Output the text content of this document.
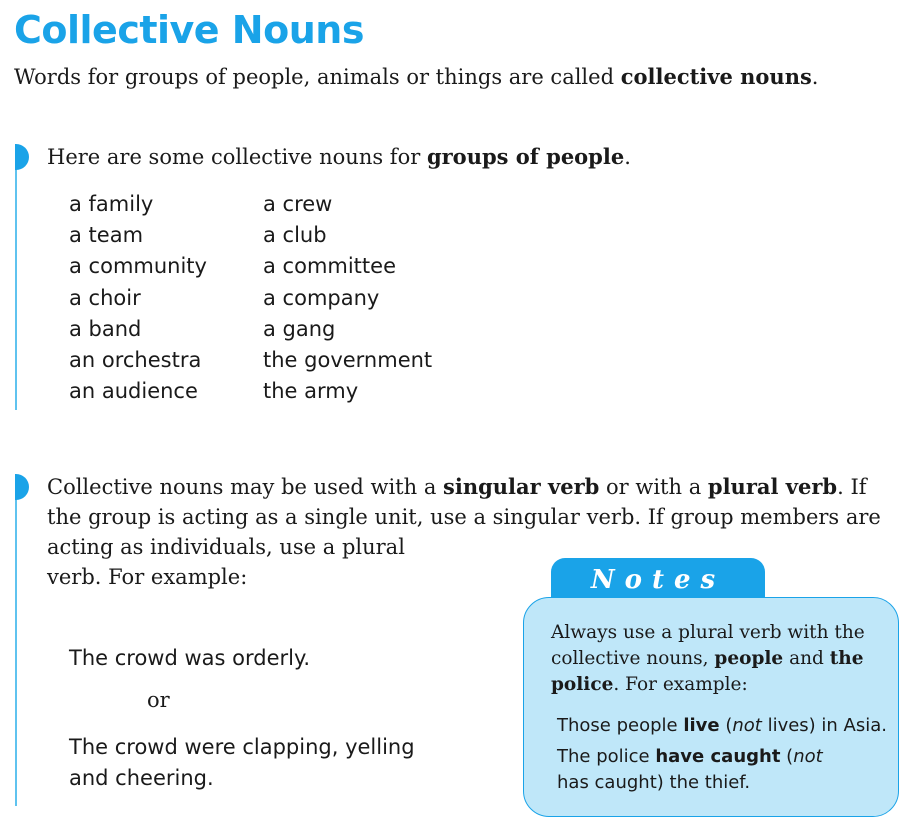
Collective Nouns
Words for groups of people, animals or things are called collective nouns.
Here are some collective nouns for groups of people.
a family
a team
a community
a choir
a band
an orchestra
an audience
a crew
a club
a committee
a company
a gang
the government
the army
Collective nouns may be used with a singular verb or with a plural verb. If
the group is acting as a single unit, use a singular verb. If group members are
acting as individuals, use a plural
verb. For example:
The crowd was orderly.
or
The crowd were clapping, yelling
and cheering.
Notes
Always use a plural verb with the collective nouns, people and the police. For example:
Those people live (not lives) in Asia.
The police have caught (not has caught) the thief.
